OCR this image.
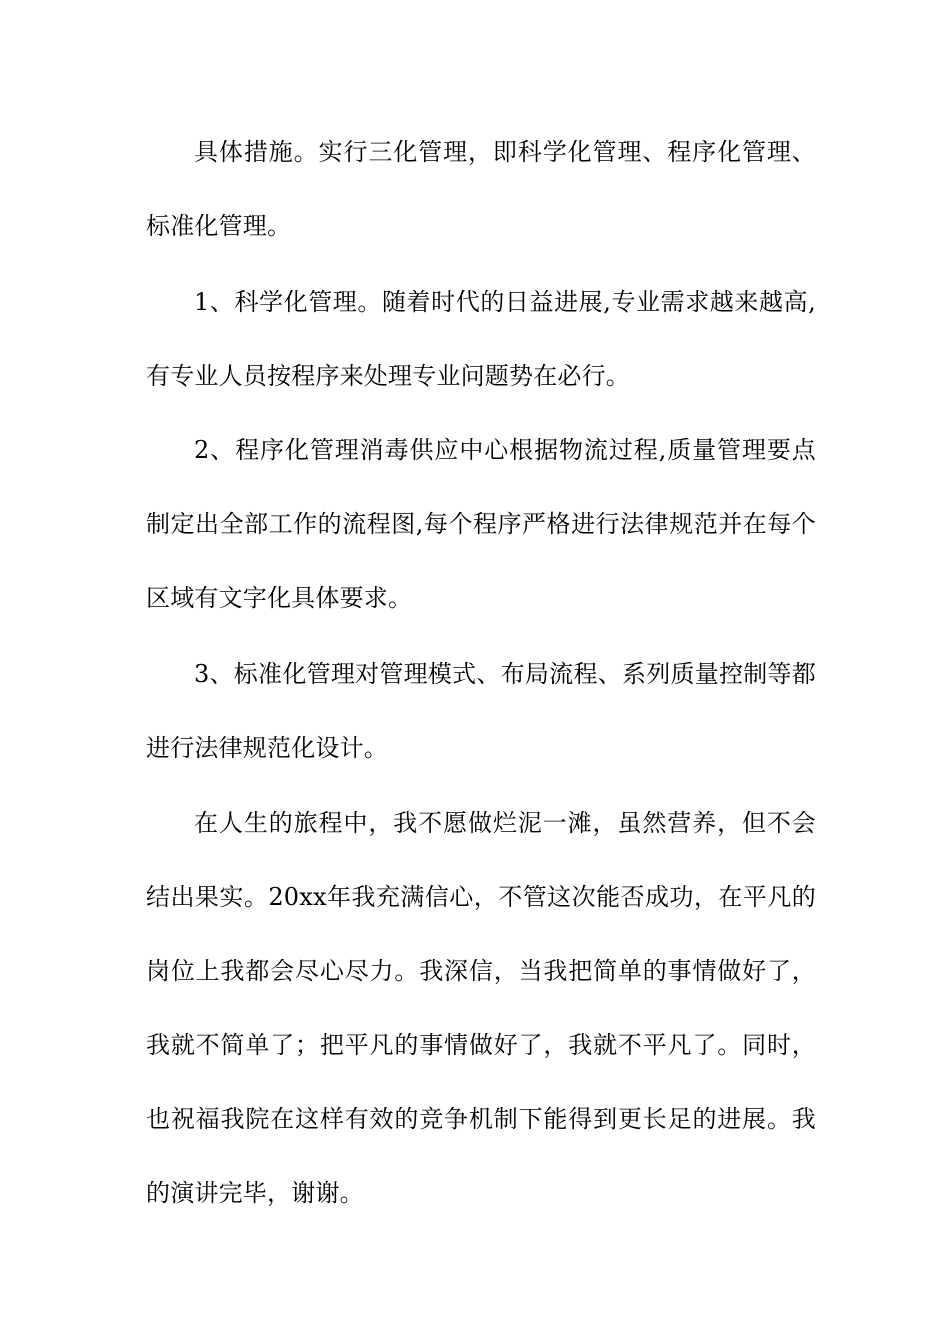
具体措施。实行三化管理，即科学化管理、程序化管理、标准化管理。

1、科学化管理。随着时代的日益进展,专业需求越来越高,有专业人员按程序来处理专业问题势在必行。

2、程序化管理消毒供应中心根据物流过程,质量管理要点制定出全部工作的流程图,每个程序严格进行法律规范并在每个区域有文字化具体要求。

3、标准化管理对管理模式、布局流程、系列质量控制等都进行法律规范化设计。

在人生的旅程中，我不愿做烂泥一滩，虽然营养，但不会结出果实。20xx年我充满信心，不管这次能否成功，在平凡的岗位上我都会尽心尽力。我深信，当我把简单的事情做好了，我就不简单了；把平凡的事情做好了，我就不平凡了。同时，也祝福我院在这样有效的竞争机制下能得到更长足的进展。我的演讲完毕，谢谢。
